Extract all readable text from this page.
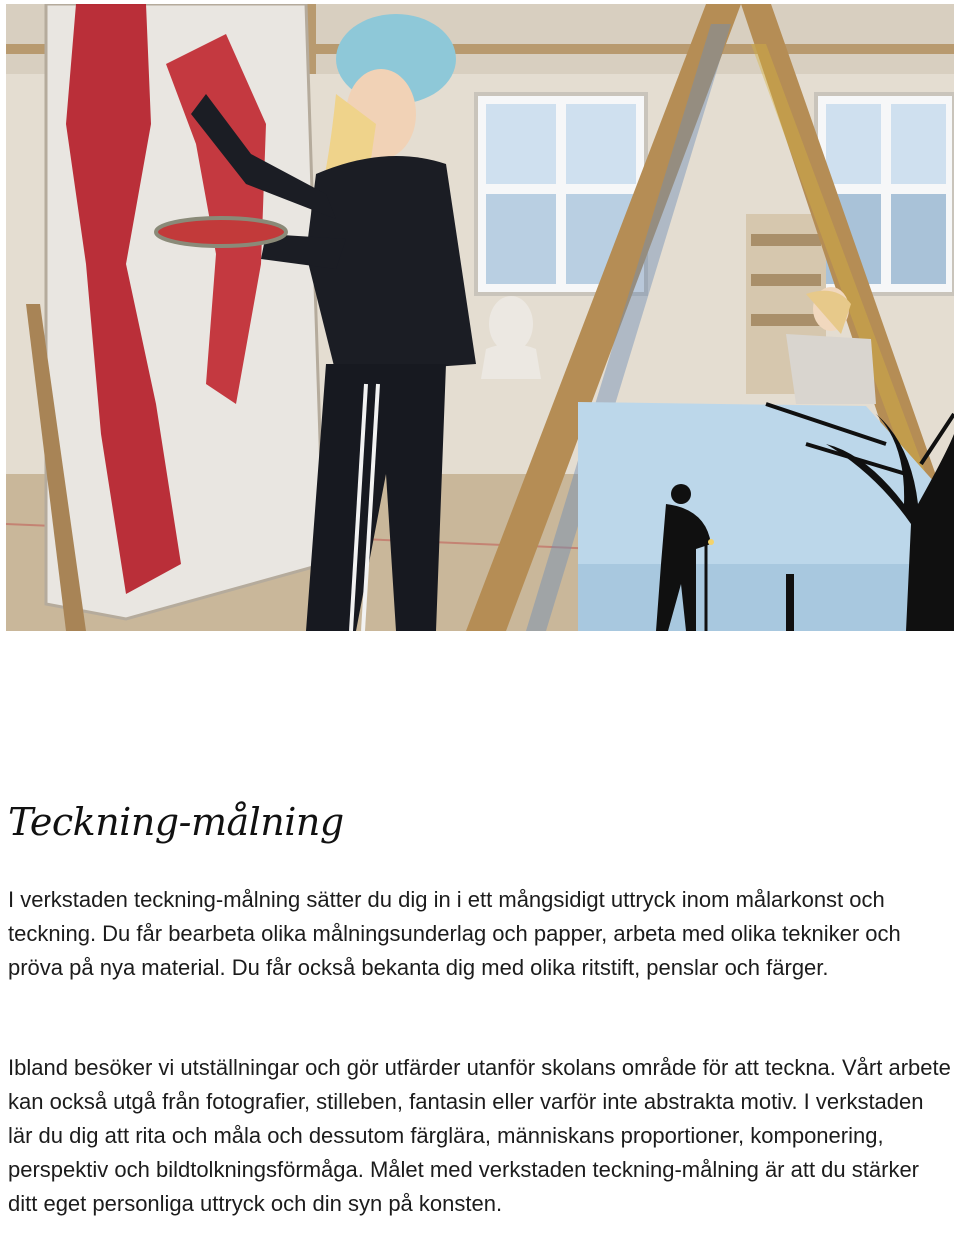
Teckning-målning

I verkstaden teckning-målning sätter du dig in i ett mångsidigt uttryck inom målarkonst och teckning. Du får bearbeta olika målningsunderlag och papper, arbeta med olika tekniker och pröva på nya material. Du får också bekanta dig med olika ritstift, penslar och färger.

Ibland besöker vi utställningar och gör utfärder utanför skolans område för att teckna. Vårt arbete kan också utgå från fotografier, stilleben, fantasin eller varför inte abstrakta motiv. I verkstaden lär du dig att rita och måla och dessutom färglära, människans proportioner, komponering, perspektiv och bildtolkningsförmåga. Målet med verkstaden teckning-målning är att du stärker ditt eget personliga uttryck och din syn på konsten.
